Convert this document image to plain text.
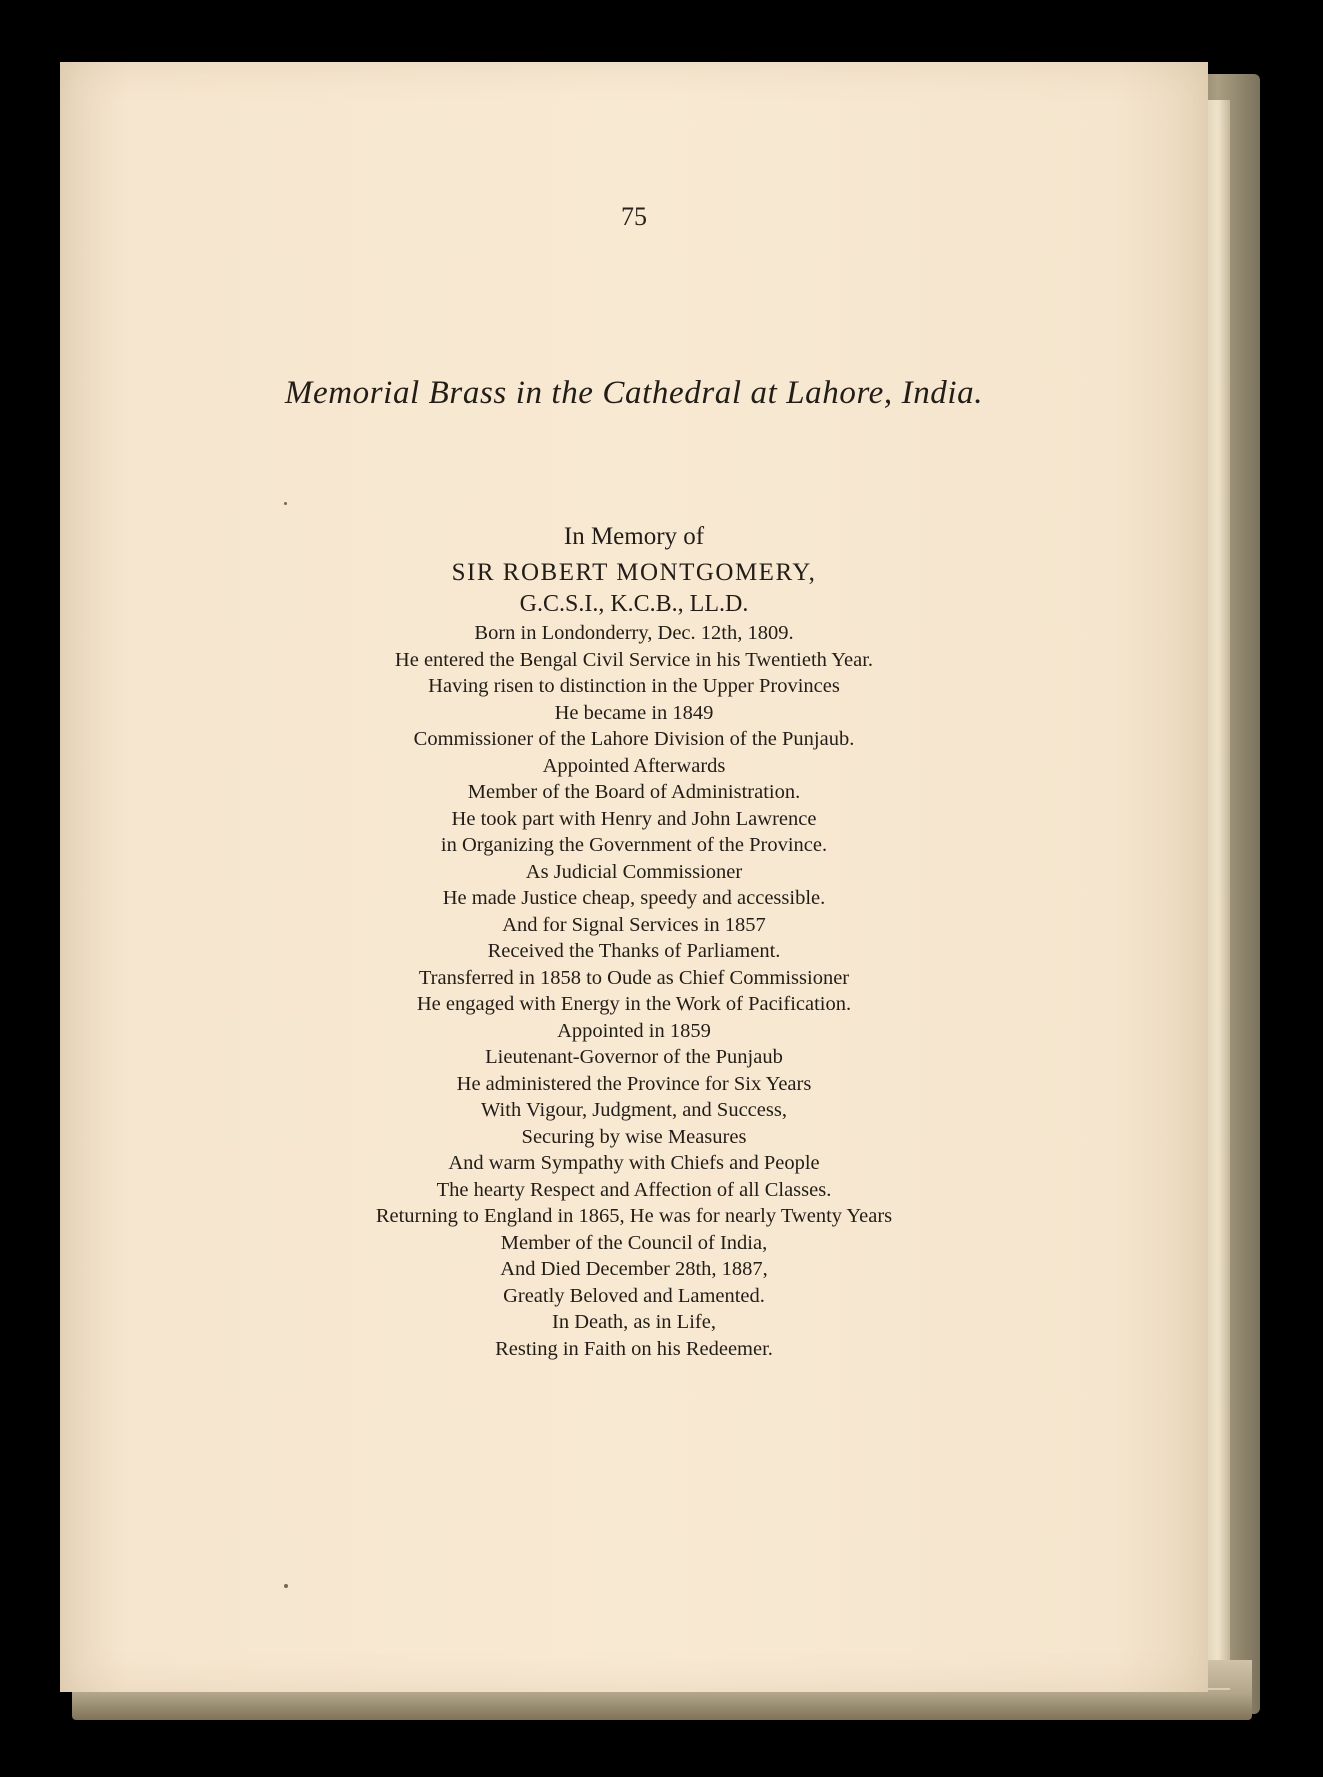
75
Memorial Brass in the Cathedral at Lahore, India.
In Memory of
SIR ROBERT MONTGOMERY,
G.C.S.I., K.C.B., LL.D.
Born in Londonderry, Dec. 12th, 1809.
He entered the Bengal Civil Service in his Twentieth Year.
Having risen to distinction in the Upper Provinces
He became in 1849
Commissioner of the Lahore Division of the Punjaub.
Appointed Afterwards
Member of the Board of Administration.
He took part with Henry and John Lawrence
in Organizing the Government of the Province.
As Judicial Commissioner
He made Justice cheap, speedy and accessible.
And for Signal Services in 1857
Received the Thanks of Parliament.
Transferred in 1858 to Oude as Chief Commissioner
He engaged with Energy in the Work of Pacification.
Appointed in 1859
Lieutenant-Governor of the Punjaub
He administered the Province for Six Years
With Vigour, Judgment, and Success,
Securing by wise Measures
And warm Sympathy with Chiefs and People
The hearty Respect and Affection of all Classes.
Returning to England in 1865, He was for nearly Twenty Years
Member of the Council of India,
And Died December 28th, 1887,
Greatly Beloved and Lamented.
In Death, as in Life,
Resting in Faith on his Redeemer.
